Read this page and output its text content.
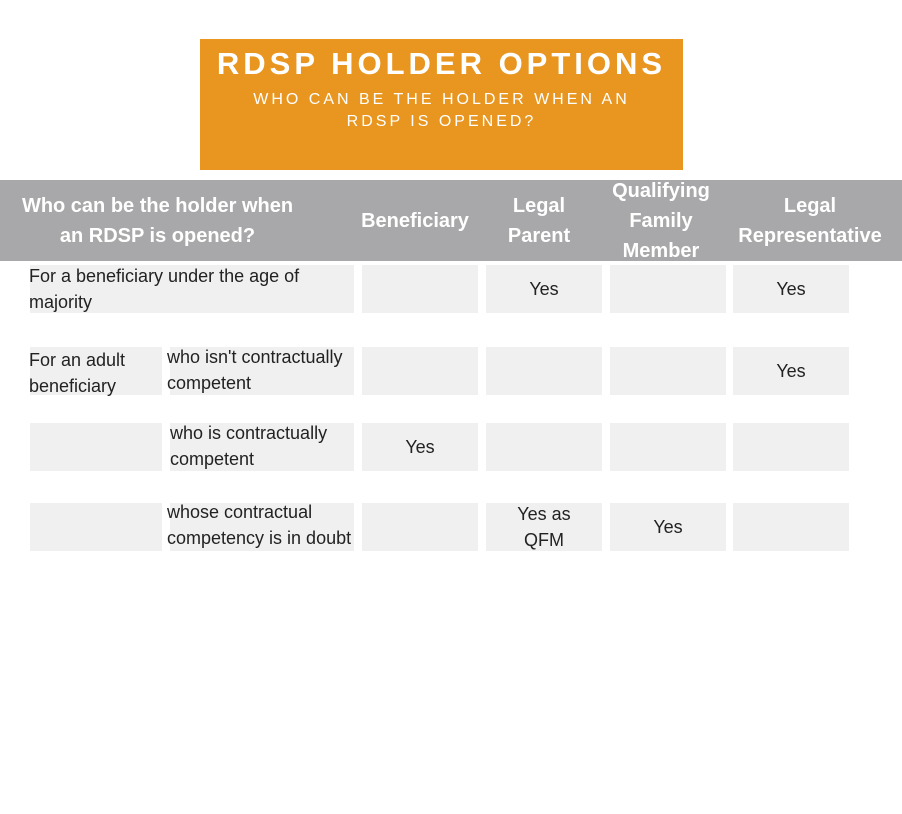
RDSP HOLDER OPTIONS
WHO CAN BE THE HOLDER WHEN AN RDSP IS OPENED?
Who can be the holder when an RDSP is opened?
Beneficiary
Legal Parent
Qualifying Family Member
Legal Representative
For a beneficiary under the age of majority
Yes	Yes
For an adult beneficiary
who isn't contractually competent
Yes
who is contractually competent
Yes
whose contractual competency is in doubt
Yes as QFM
Yes
